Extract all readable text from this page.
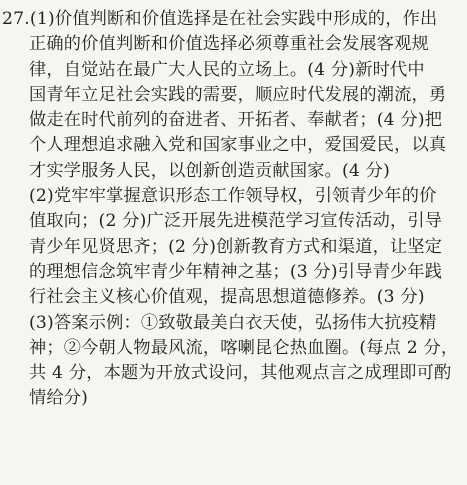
27.(1)价值判断和价值选择是在社会实践中形成的，作出
正确的价值判断和价值选择必须尊重社会发展客观规
律，自觉站在最广大人民的立场上。(4 分)新时代中
国青年立足社会实践的需要，顺应时代发展的潮流，勇
做走在时代前列的奋进者、开拓者、奉献者；(4 分)把
个人理想追求融入党和国家事业之中，爱国爱民，以真
才实学服务人民，以创新创造贡献国家。(4 分)
(2)党牢牢掌握意识形态工作领导权，引领青少年的价
值取向；(2 分)广泛开展先进模范学习宣传活动，引导
青少年见贤思齐；(2 分)创新教育方式和渠道，让坚定
的理想信念筑牢青少年精神之基；(3 分)引导青少年践
行社会主义核心价值观，提高思想道德修养。(3 分)
(3)答案示例：①致敬最美白衣天使，弘扬伟大抗疫精
神；②今朝人物最风流，喀喇昆仑热血圈。(每点 2 分，
共 4 分，本题为开放式设问，其他观点言之成理即可酌
情给分)
